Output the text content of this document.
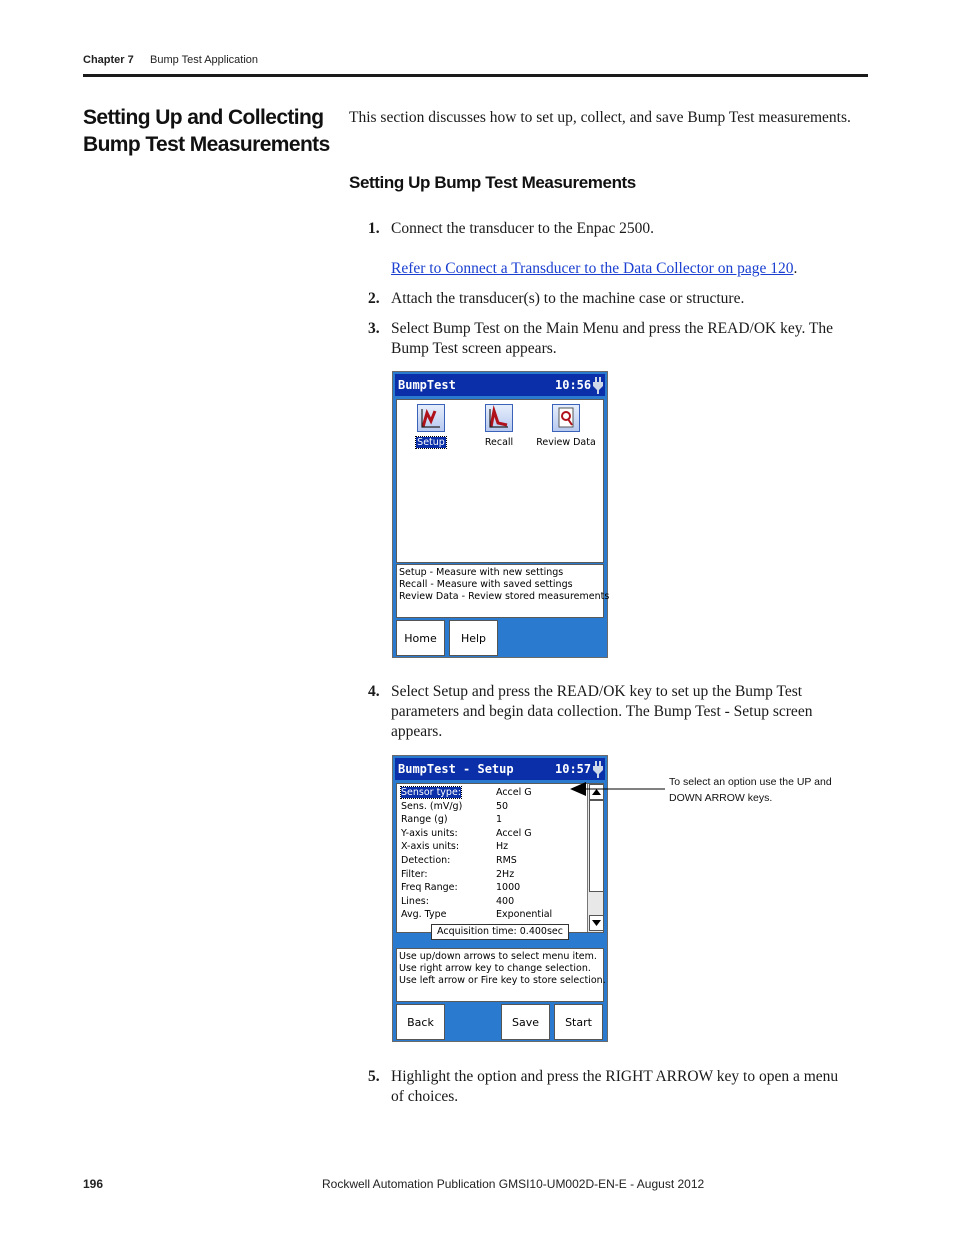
Chapter 7 Bump Test Application
Setting Up and Collecting
Bump Test Measurements
This section discusses how to set up, collect, and save Bump Test measurements.
Setting Up Bump Test Measurements
1. Connect the transducer to the Enpac 2500.
Refer to Connect a Transducer to the Data Collector on page 120.
2. Attach the transducer(s) to the machine case or structure.
3. Select Bump Test on the Main Menu and press the READ/OK key. The
Bump Test screen appears.
BumpTest	10:56
Setup	Recall	Review Data
Setup - Measure with new settings
Recall - Measure with saved settings
Review Data - Review stored measurements
Home	Help
4. Select Setup and press the READ/OK key to set up the Bump Test
parameters and begin data collection. The Bump Test - Setup screen
appears.
BumpTest - Setup	10:57
Sensor type:	Accel G
Sens. (mV/g)	50
Range (g)	1
Y-axis units:	Accel G
X-axis units:	Hz
Detection:	RMS
Filter:	2Hz
Freq Range:	1000
Lines:	400
Avg. Type	Exponential
Acquisition time: 0.400sec
Use up/down arrows to select menu item.
Use right arrow key to change selection.
Use left arrow or Fire key to store selection.
Back	Save	Start
To select an option use the UP and
DOWN ARROW keys.
5. Highlight the option and press the RIGHT ARROW key to open a menu
of choices.
196	Rockwell Automation Publication GMSI10-UM002D-EN-E - August 2012
